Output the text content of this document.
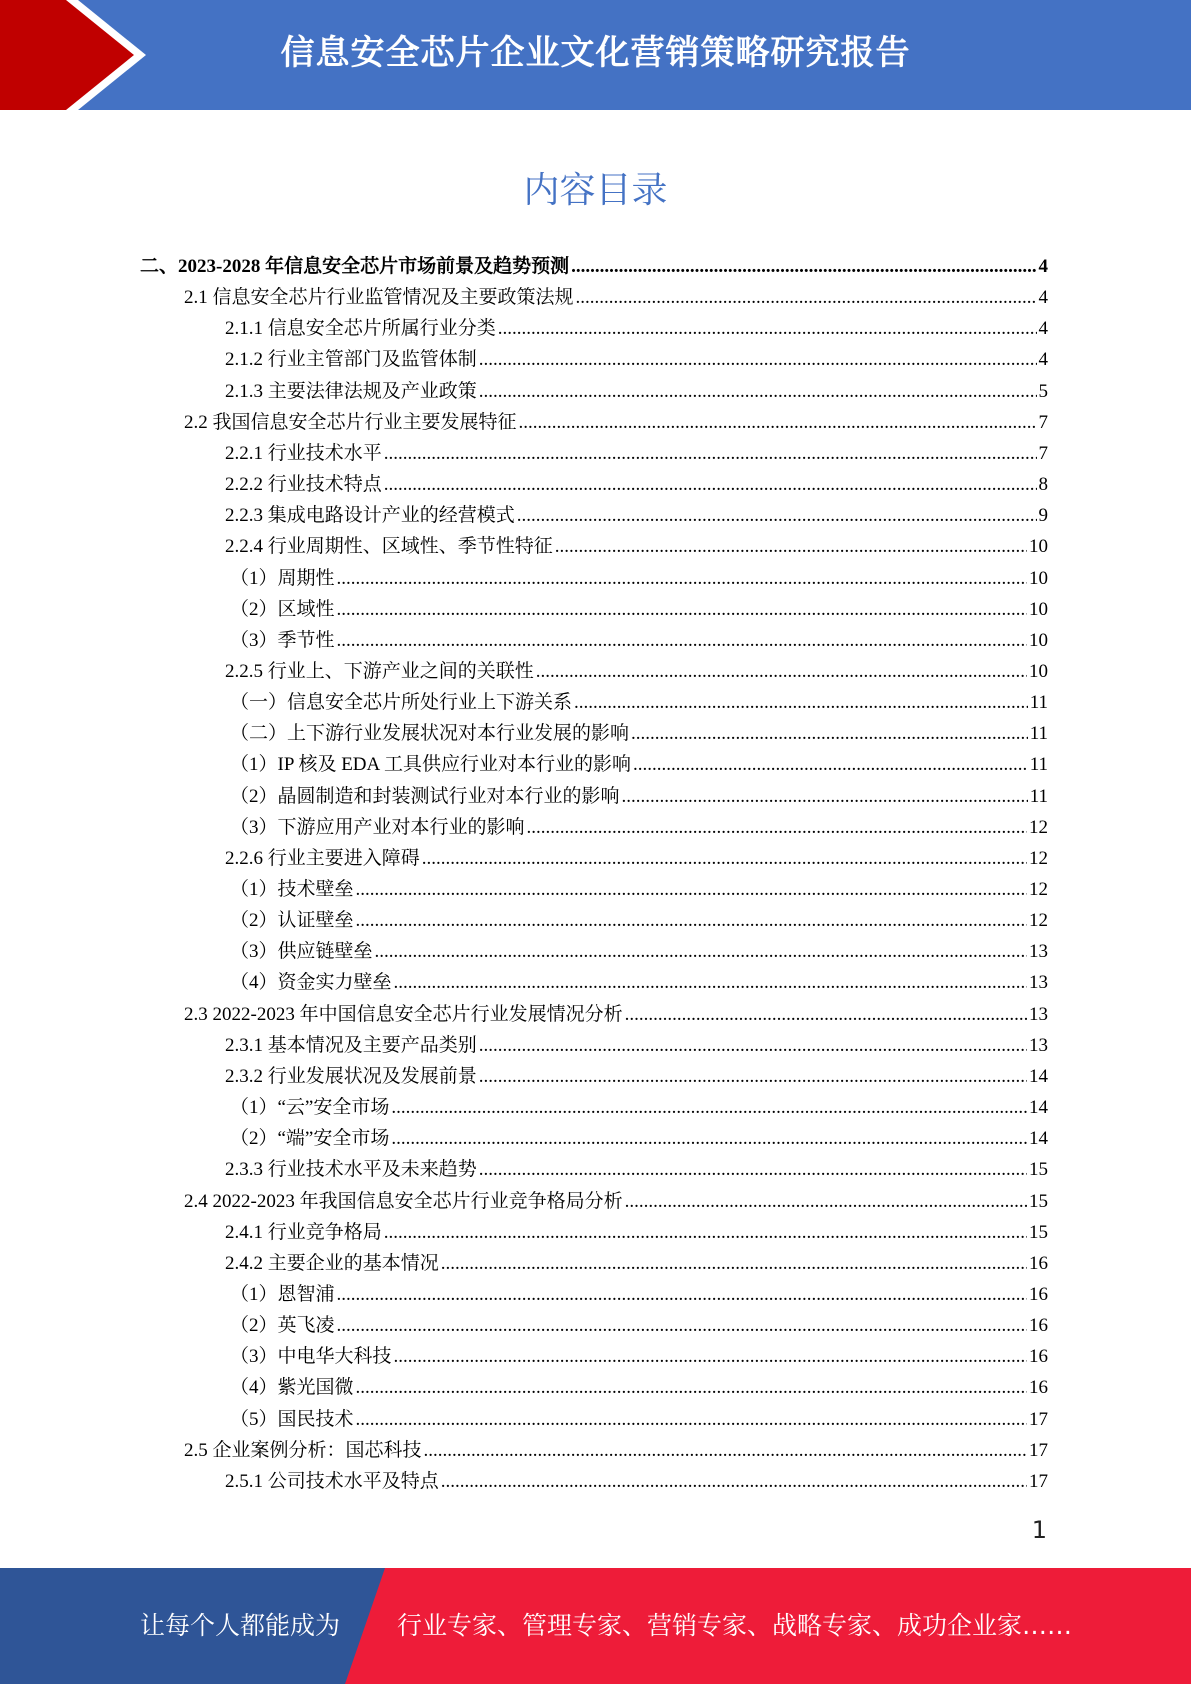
信息安全芯片企业文化营销策略研究报告
内容目录
二、2023-2028 年信息安全芯片市场前景及趋势预测 .....	4
2.1 信息安全芯片行业监管情况及主要政策法规 .....	4
2.1.1 信息安全芯片所属行业分类 .....	4
2.1.2 行业主管部门及监管体制 .....	4
2.1.3 主要法律法规及产业政策 .....	5
2.2 我国信息安全芯片行业主要发展特征 .....	7
2.2.1 行业技术水平 .....	7
2.2.2 行业技术特点 .....	8
2.2.3 集成电路设计产业的经营模式 .....	9
2.2.4 行业周期性、区域性、季节性特征 .....	10
（1）周期性 .....	10
（2）区域性 .....	10
（3）季节性 .....	10
2.2.5 行业上、下游产业之间的关联性 .....	10
（一）信息安全芯片所处行业上下游关系 .....	11
（二）上下游行业发展状况对本行业发展的影响 .....	11
（1）IP 核及 EDA 工具供应行业对本行业的影响 .....	11
（2）晶圆制造和封装测试行业对本行业的影响 .....	11
（3）下游应用产业对本行业的影响 .....	12
2.2.6 行业主要进入障碍 .....	12
（1）技术壁垒 .....	12
（2）认证壁垒 .....	12
（3）供应链壁垒 .....	13
（4）资金实力壁垒 .....	13
2.3 2022-2023 年中国信息安全芯片行业发展情况分析 .....	13
2.3.1 基本情况及主要产品类别 .....	13
2.3.2 行业发展状况及发展前景 .....	14
（1）“云”安全市场 .....	14
（2）“端”安全市场 .....	14
2.3.3 行业技术水平及未来趋势 .....	15
2.4 2022-2023 年我国信息安全芯片行业竞争格局分析 .....	15
2.4.1 行业竞争格局 .....	15
2.4.2 主要企业的基本情况 .....	16
（1）恩智浦 .....	16
（2）英飞凌 .....	16
（3）中电华大科技 .....	16
（4）紫光国微 .....	16
（5）国民技术 .....	17
2.5 企业案例分析：国芯科技 .....	17
2.5.1 公司技术水平及特点 .....	17
1
让每个人都能成为 行业专家、管理专家、营销专家、战略专家、成功企业家……
